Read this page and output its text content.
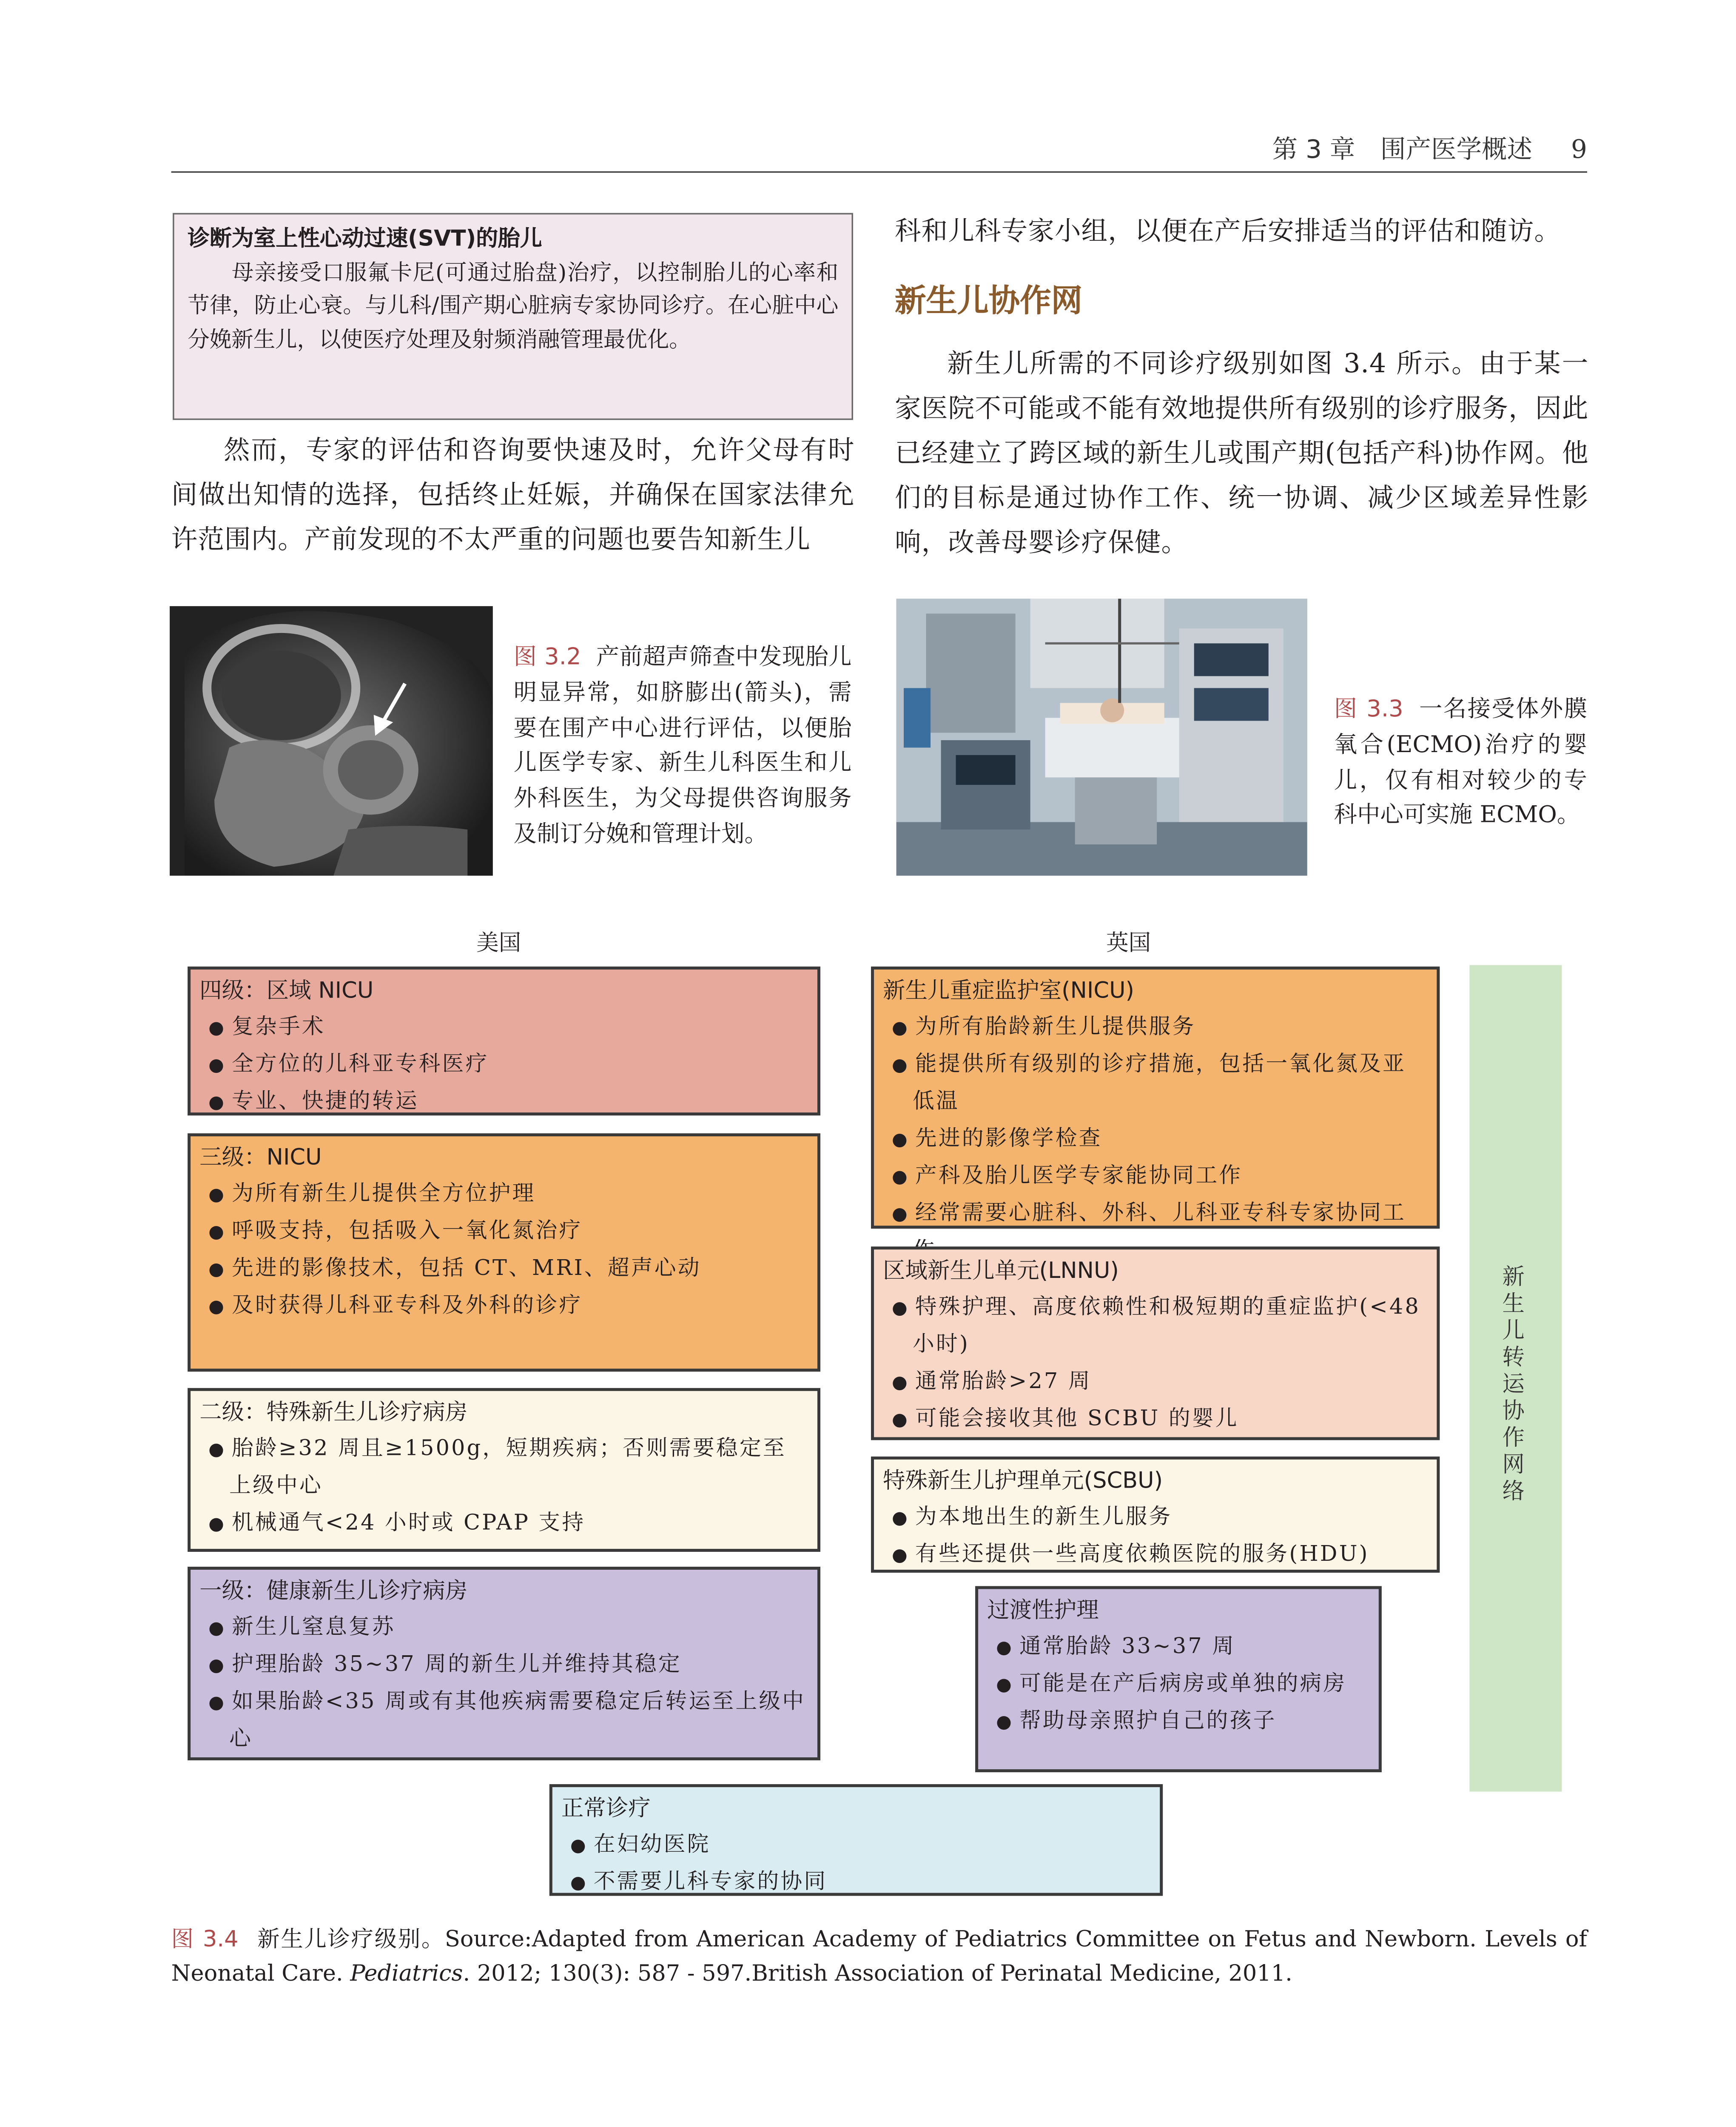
第 3 章　围产医学概述	9
诊断为室上性心动过速(SVT)的胎儿
母亲接受口服氟卡尼(可通过胎盘)治疗，以控制胎儿的心率和节律，防止心衰。与儿科/围产期心脏病专家协同诊疗。在心脏中心分娩新生儿，以使医疗处理及射频消融管理最优化。
然而，专家的评估和咨询要快速及时，允许父母有时间做出知情的选择，包括终止妊娠，并确保在国家法律允许范围内。产前发现的不太严重的问题也要告知新生儿
科和儿科专家小组，以便在产后安排适当的评估和随访。
新生儿协作网
新生儿所需的不同诊疗级别如图 3.4 所示。由于某一家医院不可能或不能有效地提供所有级别的诊疗服务，因此已经建立了跨区域的新生儿或围产期(包括产科)协作网。他们的目标是通过协作工作、统一协调、减少区域差异性影响，改善母婴诊疗保健。
图 3.2 产前超声筛查中发现胎儿明显异常，如脐膨出(箭头)，需要在围产中心进行评估，以便胎儿医学专家、新生儿科医生和儿外科医生，为父母提供咨询服务及制订分娩和管理计划。
图 3.3 一名接受体外膜氧合(ECMO)治疗的婴儿，仅有相对较少的专科中心可实施 ECMO。
美国	英国
四级：区域 NICU
● 复杂手术
● 全方位的儿科亚专科医疗
● 专业、快捷的转运
三级：NICU
● 为所有新生儿提供全方位护理
● 呼吸支持，包括吸入一氧化氮治疗
● 先进的影像技术，包括 CT、MRI、超声心动
● 及时获得儿科亚专科及外科的诊疗
二级：特殊新生儿诊疗病房
● 胎龄≥32 周且≥1500g，短期疾病；否则需要稳定至上级中心
● 机械通气<24 小时或 CPAP 支持
一级：健康新生儿诊疗病房
● 新生儿窒息复苏
● 护理胎龄 35~37 周的新生儿并维持其稳定
● 如果胎龄<35 周或有其他疾病需要稳定后转运至上级中心
新生儿重症监护室(NICU)
● 为所有胎龄新生儿提供服务
● 能提供所有级别的诊疗措施，包括一氧化氮及亚低温
● 先进的影像学检查
● 产科及胎儿医学专家能协同工作
● 经常需要心脏科、外科、儿科亚专科专家协同工
区域新生儿单元(LNNU)
● 特殊护理、高度依赖性和极短期的重症监护(<48 小时)
● 通常胎龄>27 周
● 可能会接收其他 SCBU 的婴儿
特殊新生儿护理单元(SCBU)
● 为本地出生的新生儿服务
● 有些还提供一些高度依赖医院的服务(HDU)
过渡性护理
● 通常胎龄 33~37 周
● 可能是在产后病房或单独的病房
● 帮助母亲照护自己的孩子
正常诊疗
● 在妇幼医院
● 不需要儿科专家的协同
新生儿转运协作网络
图 3.4	新生儿诊疗级别。Source:Adapted from American Academy of Pediatrics Committee on Fetus and Newborn. Levels of Neonatal Care. Pediatrics. 2012; 130(3): 587 - 597.British Association of Perinatal Medicine, 2011.
